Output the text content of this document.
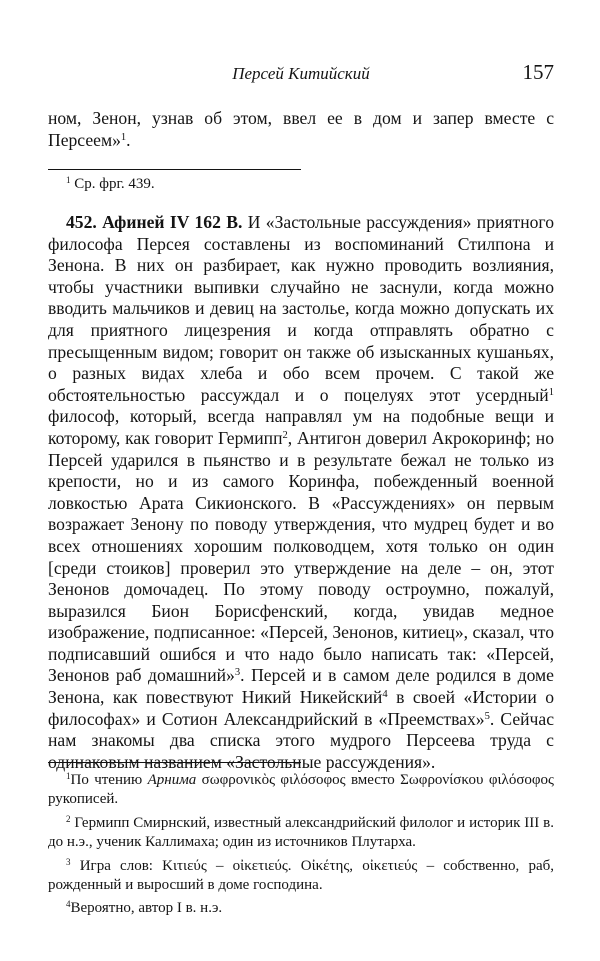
Персей Китийский	157

ном, Зенон, узнав об этом, ввел ее в дом и запер вместе с Персеем»$^1$.

$^1$ Ср. фрг. 439.

452. Афиней IV 162 B. И «Застольные рассуждения» приятного философа Персея составлены из воспоминаний Стилпона и Зенона. В них он разбирает, как нужно проводить возлияния, чтобы участники выпивки случайно не заснули, когда можно вводить мальчиков и девиц на застолье, когда можно допускать их для приятного лицезрения и когда отправлять обратно с пресыщенным видом; говорит он также об изысканных кушаньях, о разных видах хлеба и обо всем прочем. С такой же обстоятельностью рассуждал и о поцелуях этот усердный$^1$ философ, который, всегда направлял ум на подобные вещи и которому, как говорит Гермипп$^2$, Антигон доверил Акрокоринф; но Персей ударился в пьянство и в результате бежал не только из крепости, но и из самого Коринфа, побежденный военной ловкостью Арата Сикионского. В «Рассуждениях» он первым возражает Зенону по поводу утверждения, что мудрец будет и во всех отношениях хорошим полководцем, хотя только он один [среди стоиков] проверил это утверждение на деле – он, этот Зенонов домочадец. По этому поводу остроумно, пожалуй, выразился Бион Борисфенский, когда, увидав медное изображение, подписанное: «Персей, Зенонов, китиец», сказал, что подписавший ошибся и что надо было написать так: «Персей, Зенонов раб домашний»$^3$. Персей и в самом деле родился в доме Зенона, как повествуют Никий Никейский$^4$ в своей «Истории о философах» и Сотион Александрийский в «Преемствах»$^5$. Сейчас нам знакомы два списка этого мудрого Персеева труда с одинаковым названием «Застольные рассуждения».

$^1$По чтению Арнима σωφρονικὸς φιλόσοφος вместо Σωφρονίσκου φιλόσοφος рукописей.

$^2$ Гермипп Смирнский, известный александрийский филолог и историк III в. до н.э., ученик Каллимаха; один из источников Плутарха.

$^3$ Игра слов: Κιτιεύς – οἰκετιεύς. Οἰκέτης, οἰκετιεύς – собственно, раб, рожденный и выросший в доме господина.

$^4$Вероятно, автор I в. н.э.
